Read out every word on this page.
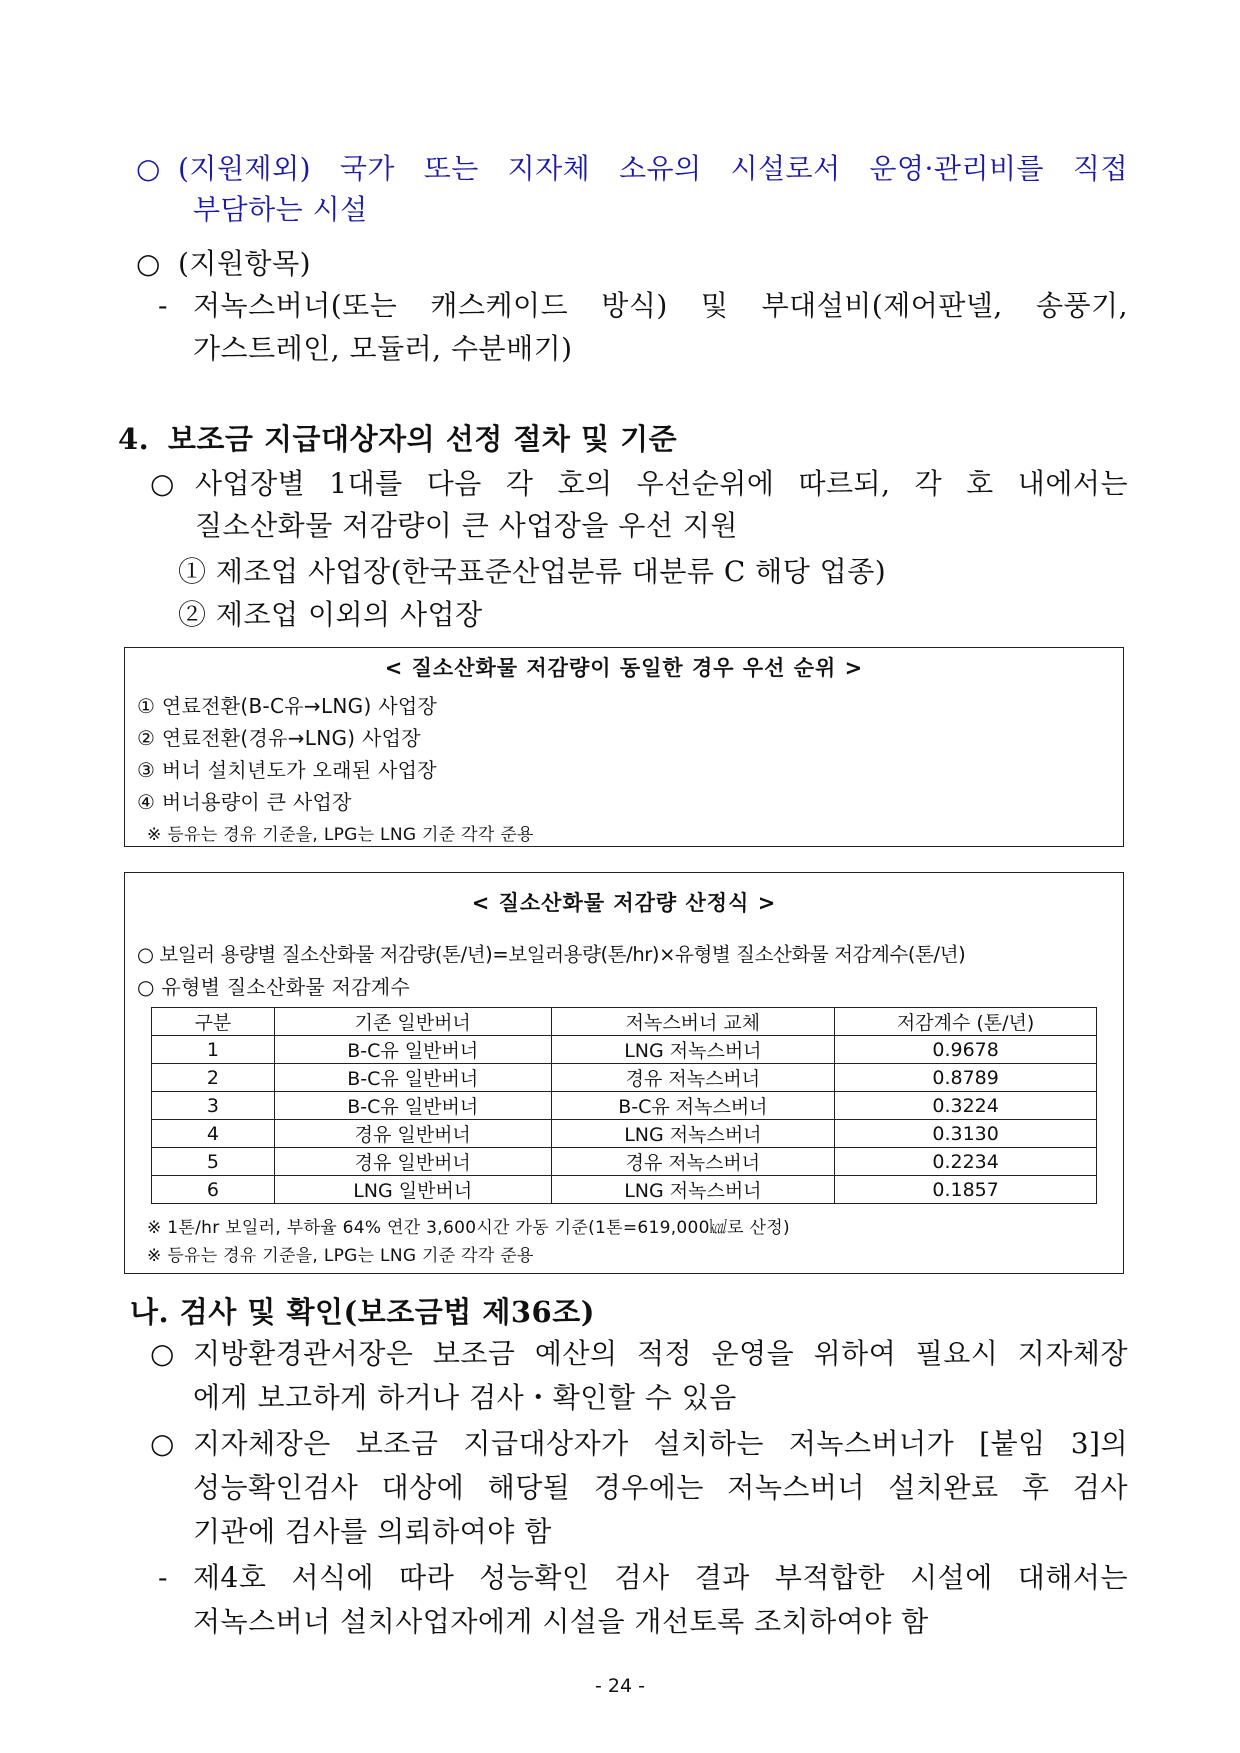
○ (지원제외) 국가 또는 지자체 소유의 시설로서 운영·관리비를 직접
부담하는 시설
○ (지원항목)
- 저녹스버너(또는 캐스케이드 방식) 및 부대설비(제어판넬, 송풍기,
가스트레인, 모듈러, 수분배기)
4. 보조금 지급대상자의 선정 절차 및 기준
○ 사업장별 1대를 다음 각 호의 우선순위에 따르되, 각 호 내에서는
질소산화물 저감량이 큰 사업장을 우선 지원
① 제조업 사업장(한국표준산업분류 대분류 C 해당 업종)
② 제조업 이외의 사업장
< 질소산화물 저감량이 동일한 경우 우선 순위 >
① 연료전환(B-C유→LNG) 사업장
② 연료전환(경유→LNG) 사업장
③ 버너 설치년도가 오래된 사업장
④ 버너용량이 큰 사업장
※ 등유는 경유 기준을, LPG는 LNG 기준 각각 준용
< 질소산화물 저감량 산정식 >
○ 보일러 용량별 질소산화물 저감량(톤/년)=보일러용량(톤/hr)×유형별 질소산화물 저감계수(톤/년)
○ 유형별 질소산화물 저감계수
구분	기존 일반버너	저녹스버너 교체	저감계수 (톤/년)
1	B-C유 일반버너	LNG 저녹스버너	0.9678
2	B-C유 일반버너	경유 저녹스버너	0.8789
3	B-C유 일반버너	B-C유 저녹스버너	0.3224
4	경유 일반버너	LNG 저녹스버너	0.3130
5	경유 일반버너	경유 저녹스버너	0.2234
6	LNG 일반버너	LNG 저녹스버너	0.1857
※ 1톤/hr 보일러, 부하율 64% 연간 3,600시간 가동 기준(1톤=619,000㎉로 산정)
※ 등유는 경유 기준을, LPG는 LNG 기준 각각 준용
나. 검사 및 확인(보조금법 제36조)
○ 지방환경관서장은 보조금 예산의 적정 운영을 위하여 필요시 지자체장
에게 보고하게 하거나 검사・확인할 수 있음
○ 지자체장은 보조금 지급대상자가 설치하는 저녹스버너가 [붙임 3]의
성능확인검사 대상에 해당될 경우에는 저녹스버너 설치완료 후 검사
기관에 검사를 의뢰하여야 함
- 제4호 서식에 따라 성능확인 검사 결과 부적합한 시설에 대해서는
저녹스버너 설치사업자에게 시설을 개선토록 조치하여야 함
- 24 -
